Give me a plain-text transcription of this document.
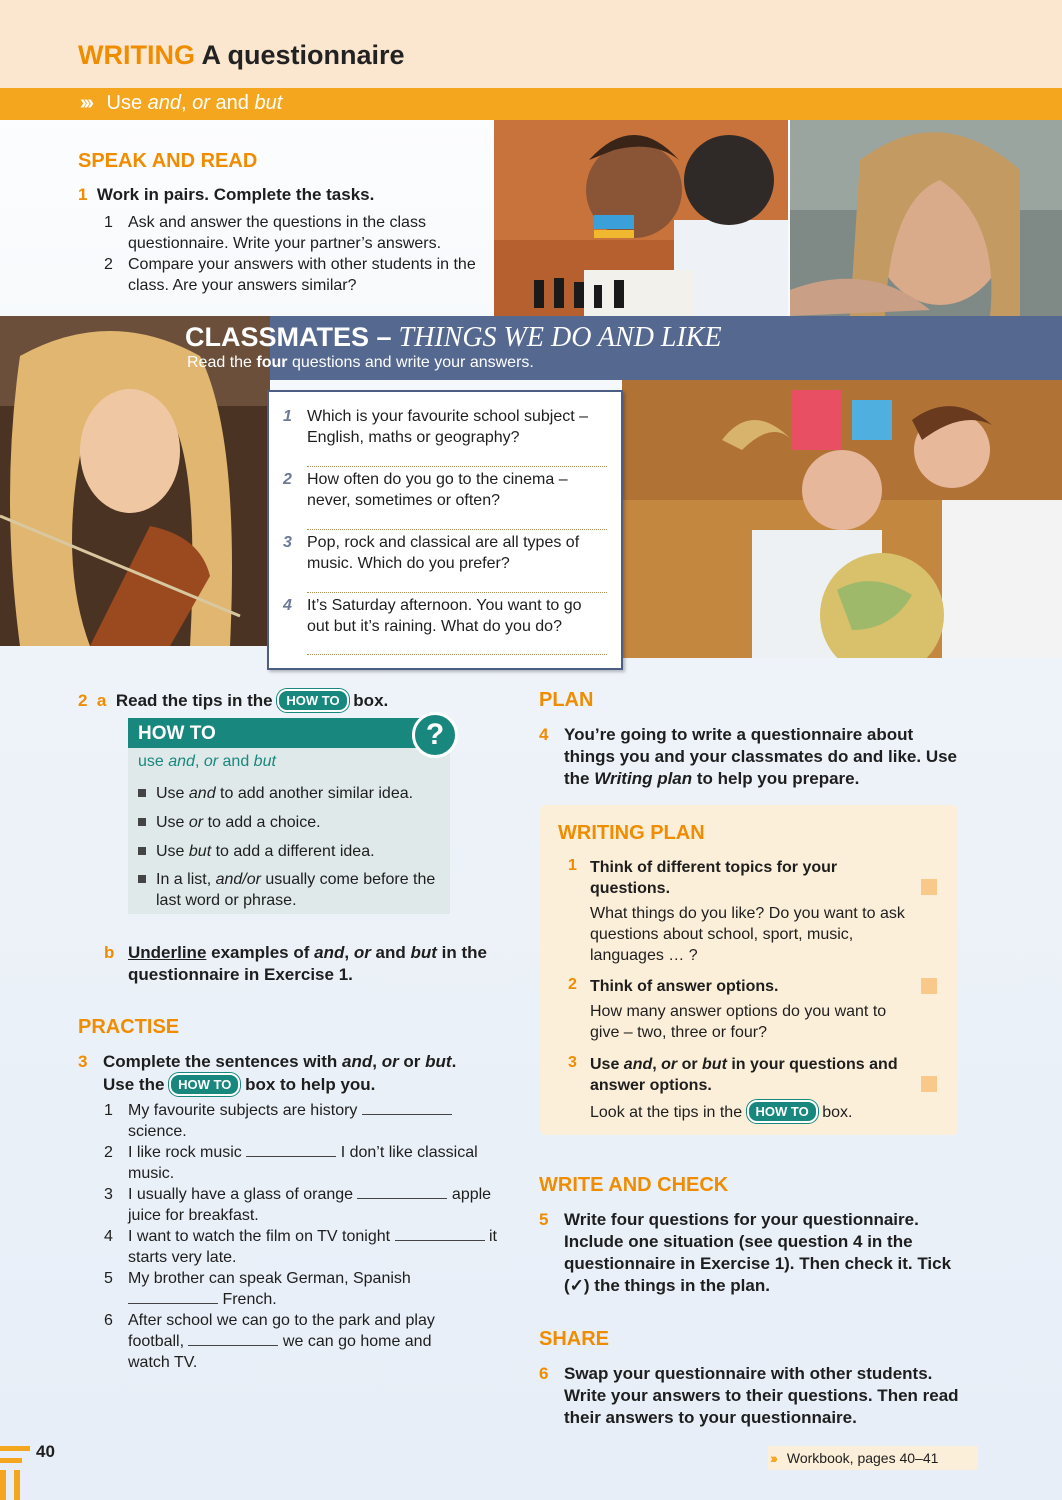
WRITING A questionnaire
››› Use and, or and but
SPEAK AND READ
1 Work in pairs. Complete the tasks.
1 Ask and answer the questions in the class questionnaire. Write your partner’s answers.
2 Compare your answers with other students in the class. Are your answers similar?
CLASSMATES – THINGS WE DO AND LIKE
Read the four questions and write your answers.
1 Which is your favourite school subject – English, maths or geography?
2 How often do you go to the cinema – never, sometimes or often?
3 Pop, rock and classical are all types of music. Which do you prefer?
4 It’s Saturday afternoon. You want to go out but it’s raining. What do you do?
2 a Read the tips in the HOW TO box.
HOW TO	?
use and, or and but
Use and to add another similar idea.
Use or to add a choice.
Use but to add a different idea.
In a list, and/or usually come before the last word or phrase.
b Underline examples of and, or and but in the questionnaire in Exercise 1.
PRACTISE
3 Complete the sentences with and, or or but.
Use the HOW TO box to help you.
1 My favourite subjects are history  science.
2 I like rock music	I don’t like classical music.
3 I usually have a glass of orange	apple juice for breakfast.
4 I want to watch the film on TV tonight	it starts very late.
5 My brother can speak German, Spanish  French.
6 After school we can go to the park and play football,	we can go home and watch TV.
PLAN
4 You’re going to write a questionnaire about things you and your classmates do and like. Use the Writing plan to help you prepare.
WRITING PLAN
1 Think of different topics for your questions.
What things do you like? Do you want to ask questions about school, sport, music, languages … ?
2 Think of answer options.
How many answer options do you want to give – two, three or four?
3 Use and, or or but in your questions and answer options.
Look at the tips in the HOW TO box.
WRITE AND CHECK
5 Write four questions for your questionnaire. Include one situation (see question 4 in the questionnaire in Exercise 1). Then check it. Tick (✓) the things in the plan.
SHARE
6 Swap your questionnaire with other students. Write your answers to their questions. Then read their answers to your questionnaire.
40	››› Workbook, pages 40–41
